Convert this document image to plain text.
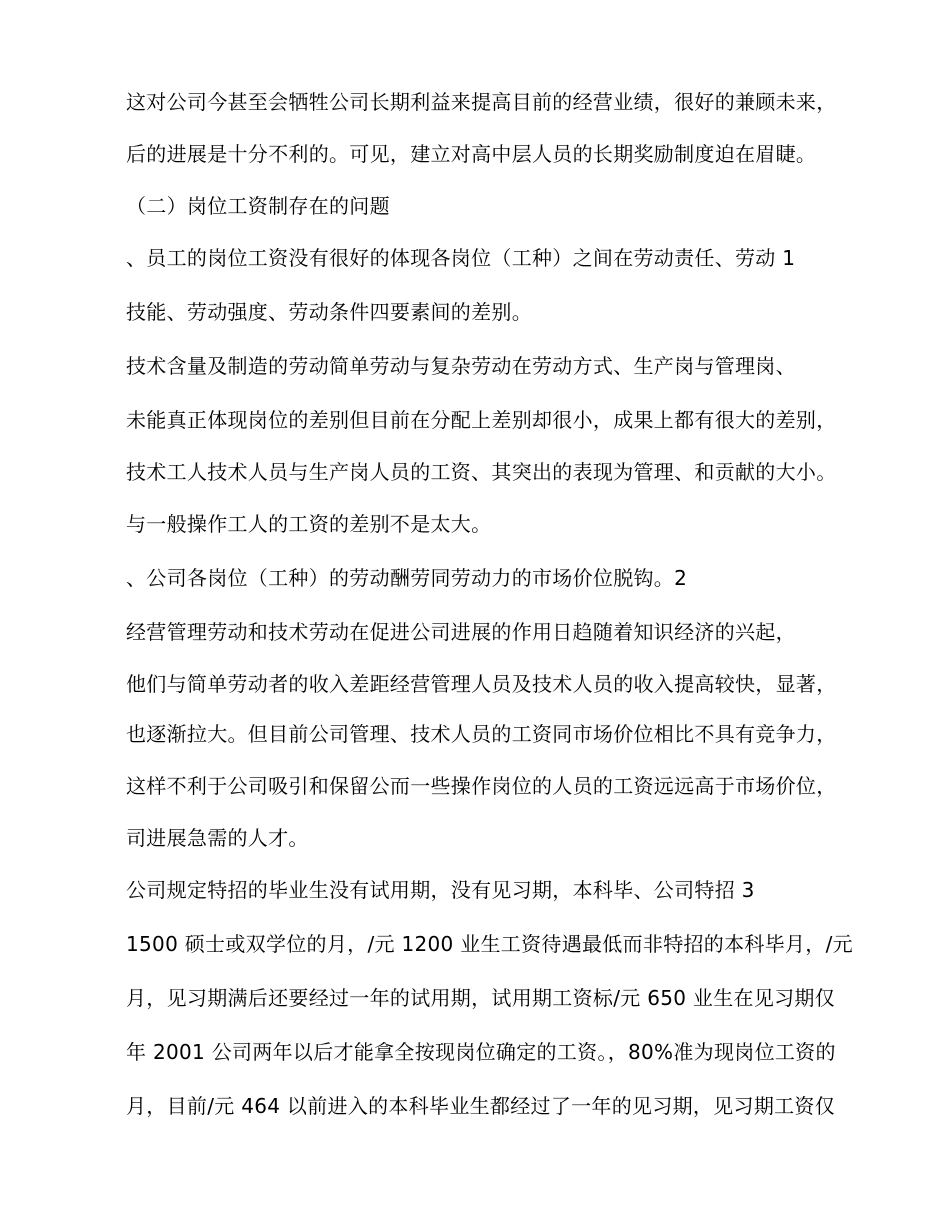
这对公司今甚至会牺牲公司长期利益来提高目前的经营业绩，很好的兼顾未来，
后的进展是十分不利的。可见，建立对高中层人员的长期奖励制度迫在眉睫。
（二）岗位工资制存在的问题
、员工的岗位工资没有很好的体现各岗位（工种）之间在劳动责任、劳动 1
技能、劳动强度、劳动条件四要素间的差别。
技术含量及制造的劳动简单劳动与复杂劳动在劳动方式、生产岗与管理岗、
未能真正体现岗位的差别但目前在分配上差别却很小，成果上都有很大的差别，
技术工人技术人员与生产岗人员的工资、其突出的表现为管理、和贡献的大小。
与一般操作工人的工资的差别不是太大。
、公司各岗位（工种）的劳动酬劳同劳动力的市场价位脱钩。2
经营管理劳动和技术劳动在促进公司进展的作用日趋随着知识经济的兴起，
他们与简单劳动者的收入差距经营管理人员及技术人员的收入提高较快，显著，
也逐渐拉大。但目前公司管理、技术人员的工资同市场价位相比不具有竞争力，
这样不利于公司吸引和保留公而一些操作岗位的人员的工资远远高于市场价位，
司进展急需的人才。
公司规定特招的毕业生没有试用期，没有见习期，本科毕、公司特招 3
1500 硕士或双学位的月，/元 1200 业生工资待遇最低而非特招的本科毕月，/元
月，见习期满后还要经过一年的试用期，试用期工资标/元 650 业生在见习期仅
年 2001 公司两年以后才能拿全按现岗位确定的工资。，80%准为现岗位工资的
月，目前/元 464 以前进入的本科毕业生都经过了一年的见习期，见习期工资仅
